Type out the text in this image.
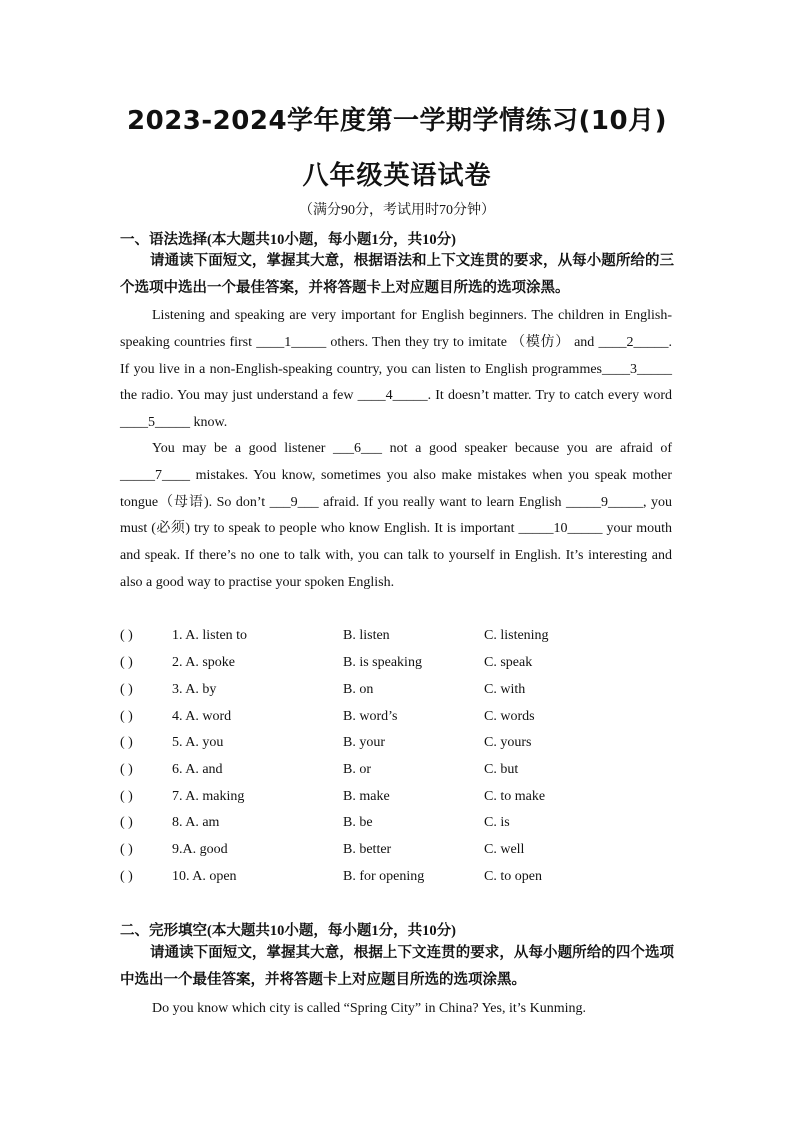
2023-2024学年度第一学期学情练习(10月)
八年级英语试卷
（满分90分，考试用时70分钟）
一、语法选择(本大题共10小题，每小题1分，共10分)
请通读下面短文，掌握其大意，根据语法和上下文连贯的要求，从每小题所给的三个选项中选出一个最佳答案，并将答题卡上对应题目所选的选项涂黑。
Listening and speaking are very important for English beginners. The children in English-speaking countries first ____1_____ others. Then they try to imitate （模仿） and ____2_____. If you live in a non-English-speaking country, you can listen to English programmes____3_____ the radio. You may just understand a few ____4_____. It doesn’t matter. Try to catch every word ____5_____ know.
You may be a good listener ___6___ not a good speaker because you are afraid of _____7____ mistakes. You know, sometimes you also make mistakes when you speak mother tongue（母语). So don’t ___9___ afraid. If you really want to learn English _____9_____, you must (必须) try to speak to people who know English. It is important _____10_____ your mouth and speak. If there’s no one to talk with, you can talk to yourself in English. It’s interesting and also a good way to practise your spoken English.
( )	1. A. listen to	B. listen	C. listening
( )	2. A. spoke	B. is speaking	C. speak
( )	3. A. by	B. on	C. with
( )	4. A. word	B. word’s	C. words
( )	5. A. you	B. your	C. yours
( )	6. A. and	B. or	C. but
( )	7. A. making	B. make	C. to make
( )	8. A. am	B. be	C. is
( )	9.A. good	B. better	C. well
( )	10. A. open	B. for opening	C. to open
二、完形填空(本大题共10小题，每小题1分，共10分)
请通读下面短文，掌握其大意，根据上下文连贯的要求，从每小题所给的四个选项中选出一个最佳答案，并将答题卡上对应题目所选的选项涂黑。
Do you know which city is called “Spring City” in China? Yes, it’s Kunming.
